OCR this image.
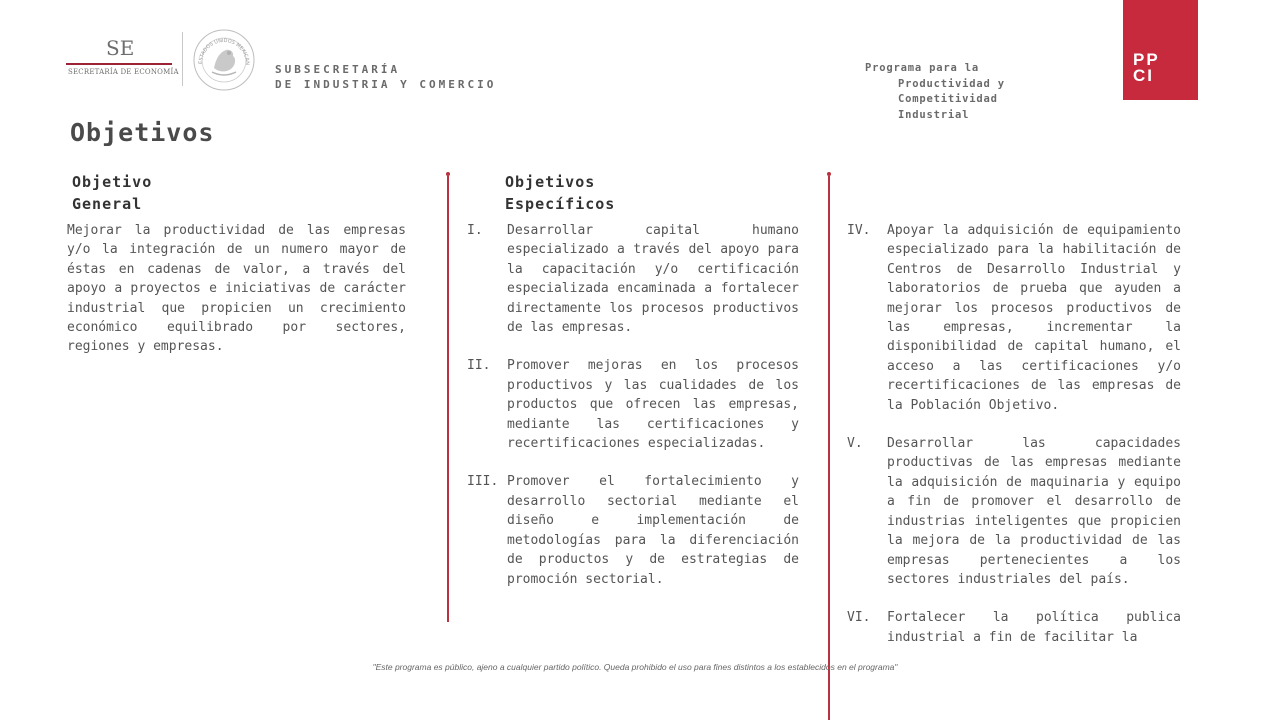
SE
SECRETARÍA DE ECONOMÍA
ESTADOS UNIDOS MEXICAN SUBSECRETARÍA
DE INDUSTRIA Y COMERCIO
Programa para la
Productividad y
Competitividad
Industrial
PP
CI
Objetivos
Objetivo
General

Mejorar la productividad de las empresas y/o la integración de un numero mayor de éstas en cadenas de valor, a través del apoyo a proyectos e iniciativas de carácter industrial que propicien un crecimiento económico equilibrado por sectores, regiones y empresas.

Objetivos
Específicos
I. Desarrollar capital humano especializado a través del apoyo para la capacitación y/o certificación especializada encaminada a fortalecer directamente los procesos productivos de las empresas.

II. Promover mejoras en los procesos productivos y las cualidades de los productos que ofrecen las empresas, mediante las certificaciones y recertificaciones especializadas.

III. Promover el fortalecimiento y desarrollo sectorial mediante el diseño e implementación de metodologías para la diferenciación de productos y de estrategias de promoción sectorial.

IV. Apoyar la adquisición de equipamiento especializado para la habilitación de Centros de Desarrollo Industrial y laboratorios de prueba que ayuden a mejorar los procesos productivos de las empresas, incrementar la disponibilidad de capital humano, el acceso a las certificaciones y/o recertificaciones de las empresas de la Población Objetivo.

V. Desarrollar las capacidades productivas de las empresas mediante la adquisición de maquinaria y equipo a fin de promover el desarrollo de industrias inteligentes que propicien la mejora de la productividad de las empresas pertenecientes a los sectores industriales del país.

VI. Fortalecer la política publica industrial a fin de facilitar la

"Este programa es público, ajeno a cualquier partido político. Queda prohibido el uso para fines distintos a los establecidos en el programa"
